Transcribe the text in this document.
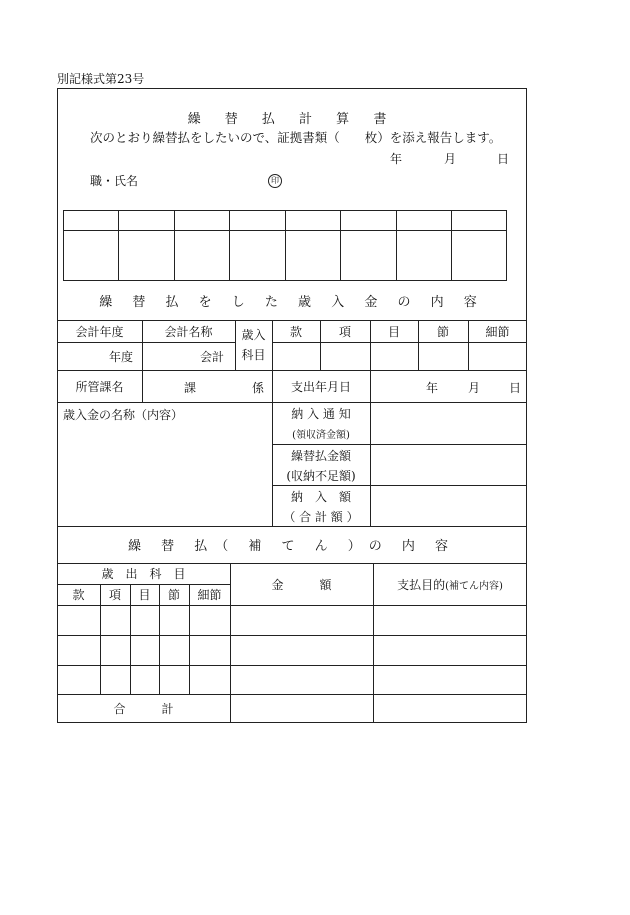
別記様式第23号
繰 替 払 計 算 書
次のとおり繰替払をしたいので、証拠書類（　　枚）を添え報告します。
年	月	日
職・氏名	印
繰 替 払 を し た 歳 入 金 の 内 容
会計年度	会計名称	歳入
科目
款	項	目	節	細節
年度	会計
所管課名	課	係	支出年月日	年 月 日
歳入金の名称（内容）	納 入 通 知
(領収済金額)
繰替払金額
(収納不足額)
納　入　額
（ 合 計 額 ）
繰 替 払（ 補 て ん ）の 内 容
歳　出　科　目
款	項	目	節	細節
金　　　額	支払目的 (補てん内容)
合　　　計
